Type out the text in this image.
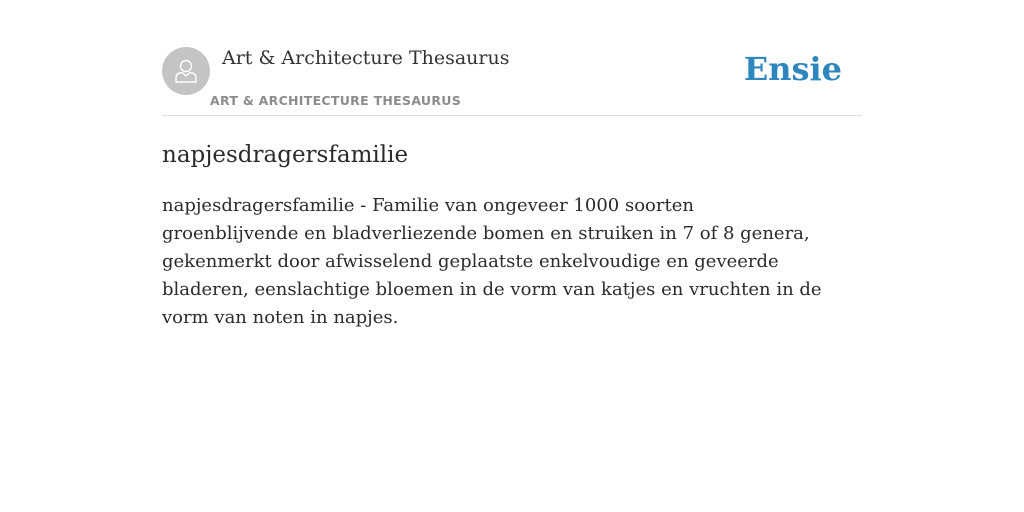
Art & Architecture Thesaurus
ART & ARCHITECTURE THESAURUS
Ensie
napjesdragersfamilie

napjesdragersfamilie - Familie van ongeveer 1000 soorten groenblijvende en bladverliezende bomen en struiken in 7 of 8 genera, gekenmerkt door afwisselend geplaatste enkelvoudige en geveerde bladeren, eenslachtige bloemen in de vorm van katjes en vruchten in de vorm van noten in napjes.
